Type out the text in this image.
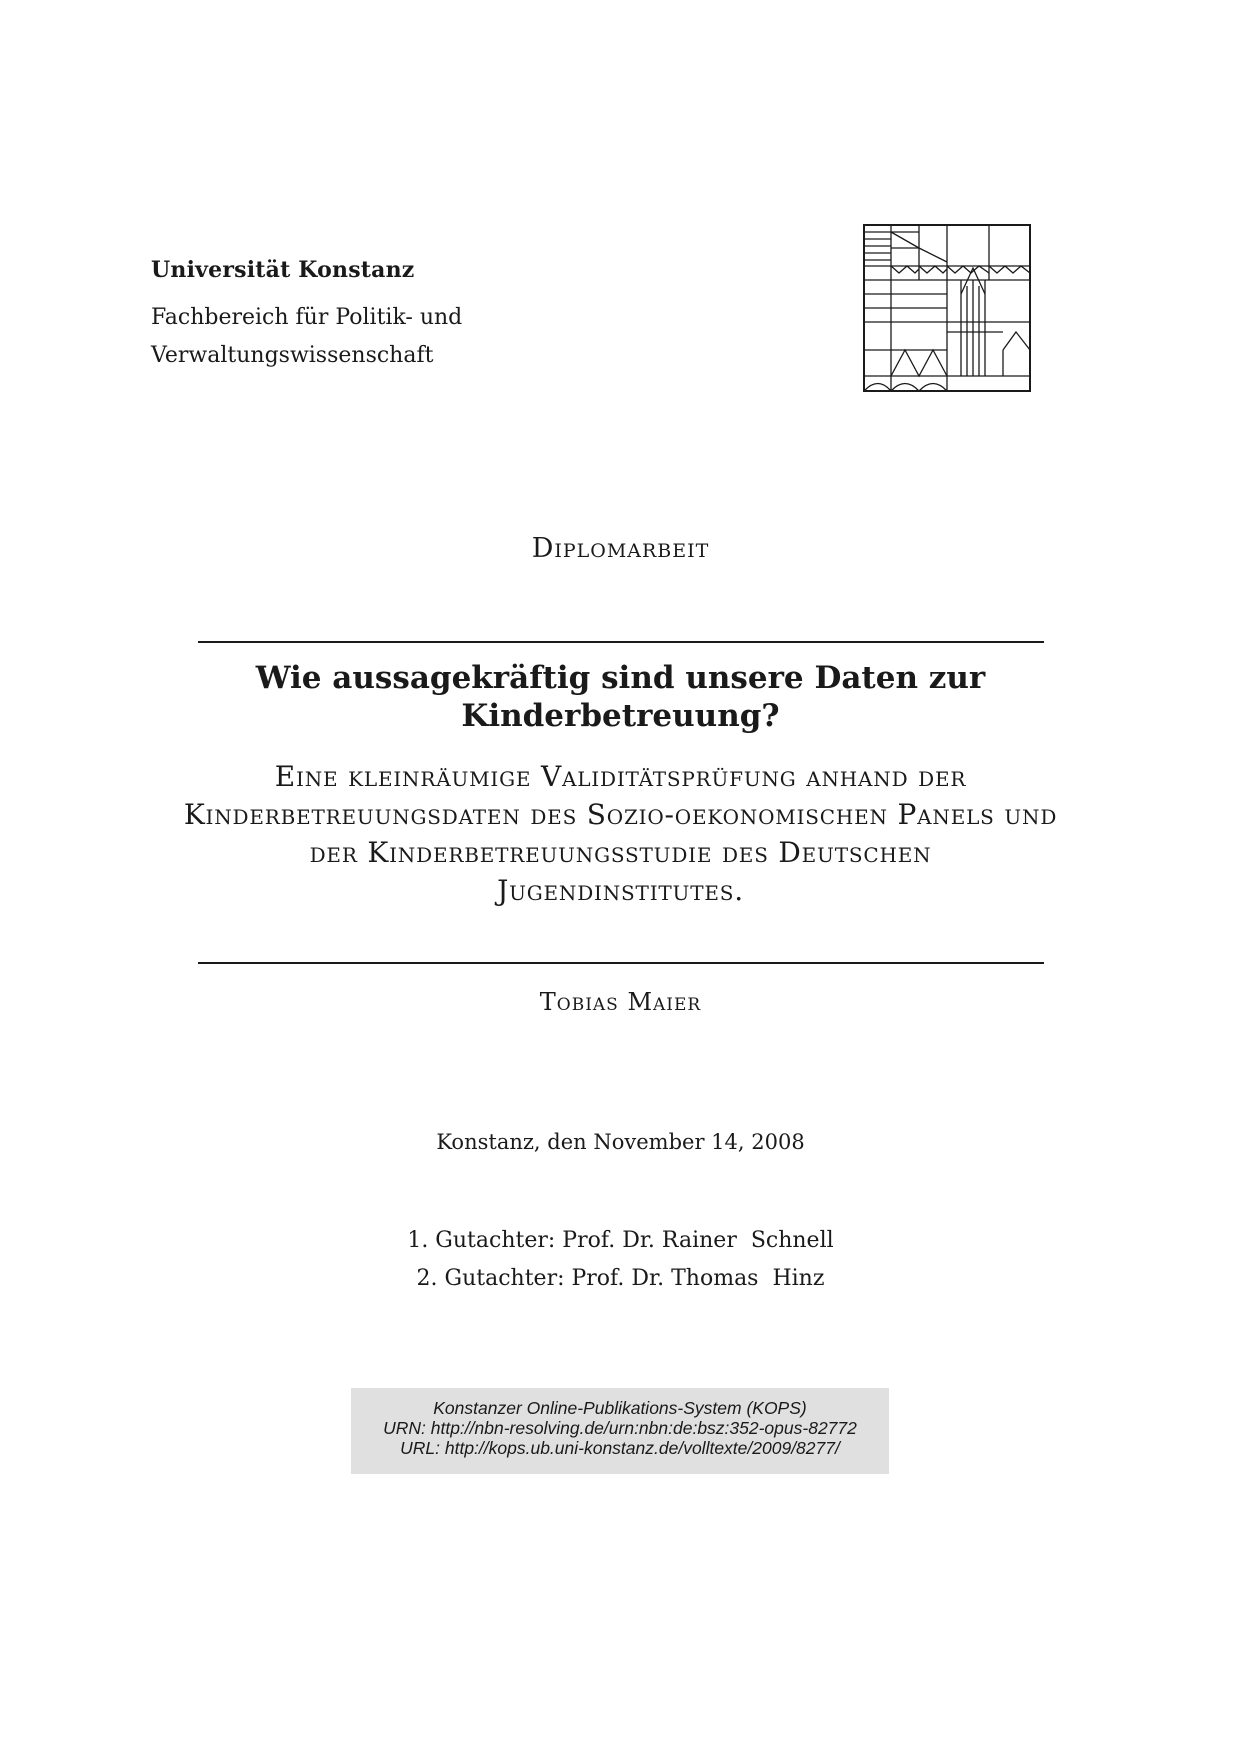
Universität Konstanz
Fachbereich für Politik- und
Verwaltungswissenschaft
Diplomarbeit
Wie aussagekräftig sind unsere Daten zur
Kinderbetreuung?
Eine kleinräumige Validitätsprüfung anhand der
Kinderbetreuungsdaten des Sozio-oekonomischen Panels und
der Kinderbetreuungsstudie des Deutschen
Jugendinstitutes.
Tobias Maier
Konstanz, den November 14, 2008
1. Gutachter: Prof. Dr. Rainer  Schnell
2. Gutachter: Prof. Dr. Thomas  Hinz
Konstanzer Online-Publikations-System (KOPS)
URN: http://nbn-resolving.de/urn:nbn:de:bsz:352-opus-82772
URL: http://kops.ub.uni-konstanz.de/volltexte/2009/8277/
